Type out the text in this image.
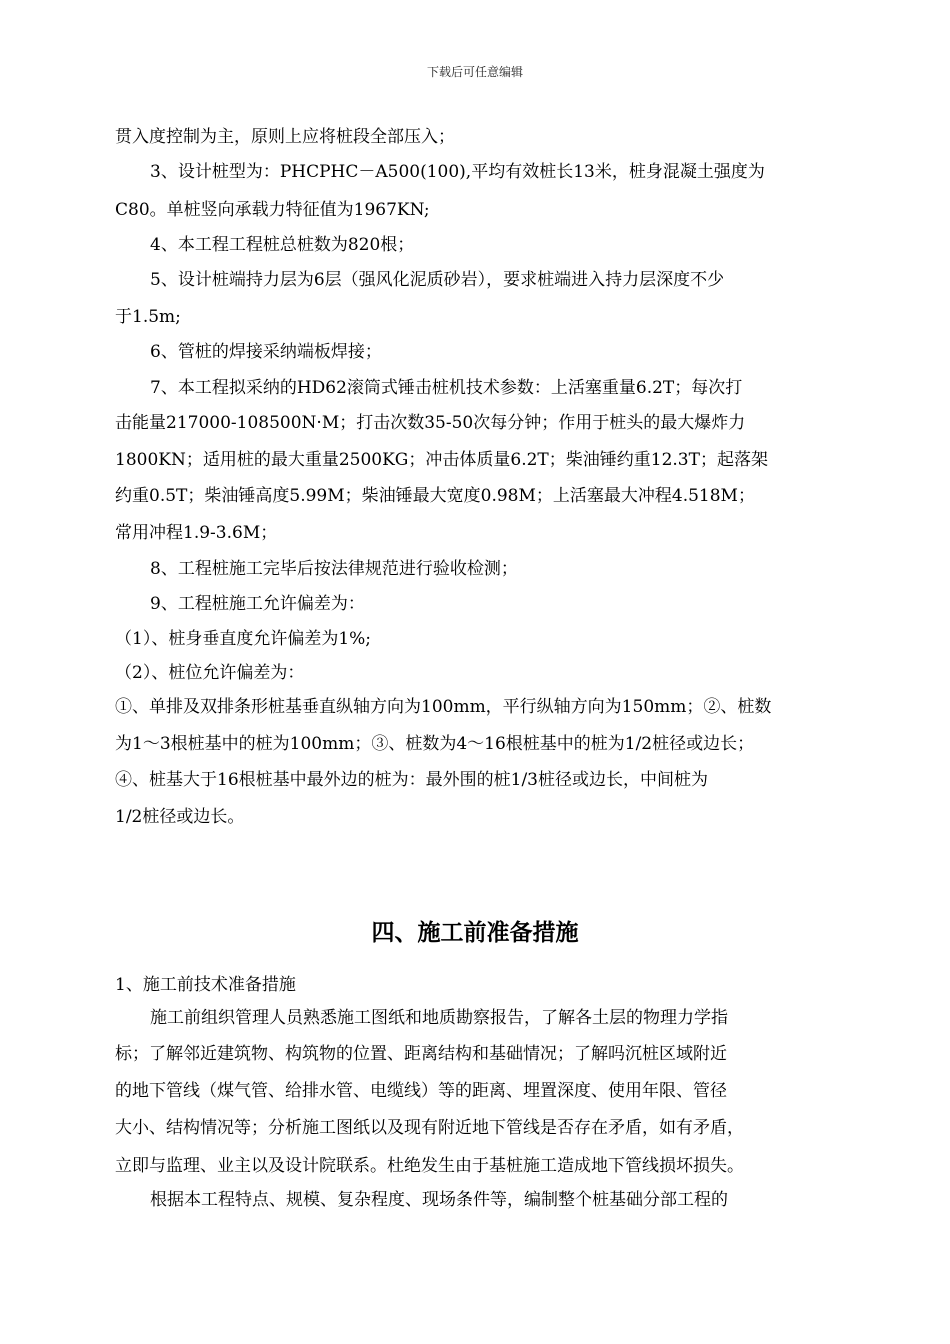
下载后可任意编辑
贯入度控制为主，原则上应将桩段全部压入；
3、设计桩型为：PHCPHC－A500(100),平均有效桩长13米，桩身混凝土强度为
C80。单桩竖向承载力特征值为1967KN;
4、本工程工程桩总桩数为820根；
5、设计桩端持力层为6层（强风化泥质砂岩），要求桩端进入持力层深度不少
于1.5m;
6、管桩的焊接采纳端板焊接；
7、本工程拟采纳的HD62滚筒式锤击桩机技术参数：上活塞重量6.2T；每次打
击能量217000-108500N·M；打击次数35-50次每分钟；作用于桩头的最大爆炸力
1800KN；适用桩的最大重量2500KG；冲击体质量6.2T；柴油锤约重12.3T；起落架
约重0.5T；柴油锤高度5.99M；柴油锤最大宽度0.98M；上活塞最大冲程4.518M；
常用冲程1.9-3.6M；
8、工程桩施工完毕后按法律规范进行验收检测；
9、工程桩施工允许偏差为：
（1）、桩身垂直度允许偏差为1%;
（2）、桩位允许偏差为：
①、单排及双排条形桩基垂直纵轴方向为100mm，平行纵轴方向为150mm；②、桩数
为1～3根桩基中的桩为100mm；③、桩数为4～16根桩基中的桩为1/2桩径或边长；
④、桩基大于16根桩基中最外边的桩为：最外围的桩1/3桩径或边长，中间桩为
1/2桩径或边长。
四、施工前准备措施
1、施工前技术准备措施
施工前组织管理人员熟悉施工图纸和地质勘察报告，了解各土层的物理力学指
标；了解邻近建筑物、构筑物的位置、距离结构和基础情况；了解吗沉桩区域附近
的地下管线（煤气管、给排水管、电缆线）等的距离、埋置深度、使用年限、管径
大小、结构情况等；分析施工图纸以及现有附近地下管线是否存在矛盾，如有矛盾，
立即与监理、业主以及设计院联系。杜绝发生由于基桩施工造成地下管线损坏损失。
根据本工程特点、规模、复杂程度、现场条件等，编制整个桩基础分部工程的
